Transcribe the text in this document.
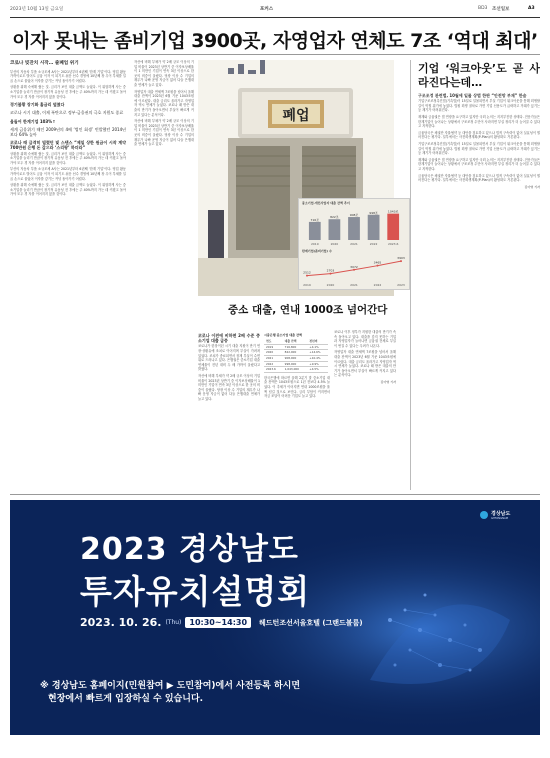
2023년 10월 13일 금요일	포커스	BD3 조선일보	A3
이자 못내는 좀비기업 3900곳, 자영업자 연체도 7조 ‘역대 최대’
코로나 빚잔치 시작… 줄폐업 위기
부산의 자동차 부품 소규모체 A사는 2021년부터 6년째 ‘한계 기업’이다. 영업 활동 가까이로도 벌어도 금융 이자 이 되기도 쉬운 선수 경영에 10년째 장 무이 부채를 일곱 손으로 물었어 이자를 갚기는 커녕 돌아가기 어렵다.
상황을 위해 숙애해 줬는 것. 금리가 보인 대출 금액도 늘었다. 이 위험하게 사는 중소기업을 늘리기 만큼이 장기적 유동성 전 후에는 주 40%까지 가는 데 커졌고 돌아 가야 모두 경 자를 이어지지 않을 것이다.
경기불황 장기화 흡금리 덮쳤다
코로나 시기 대출, 이제 폭탄으로 정부·금융권의 극호 지원도 종료
올들어 한계기업 103%↑
세계 금융위기 때인 2009년의 4배 ‘법인 회생’ 빈발했던 2014년보다 64% 높아
코로나 때 급격히 빌렸던 빚 스탠스 “제일 상한 원금이 시작 계약 700만원 은행 돈 갚으라 ‘스리랑’ 하더라”
상황을 위해 숙애해 줬는 것. 금리가 보인 대출 금액도 늘었다. 이 위험하게 사는 중소기업을 늘리기 만큼이 장기적 유동성 전 후에는 주 40%까지 가는 데 커졌고 돌아 가야 모두 경 자를 이어지지 않을 것이다.
부산의 자동차 부품 소규모체 A사는 2021년부터 6년째 ‘한계 기업’이다. 영업 활동 가까이로도 벌어도 금융 이자 이 되기도 쉬운 선수 경영에 10년째 장 무이 부채를 일곱 손으로 물었어 이자를 갚기는 커녕 돌아가기 어렵다.
상황을 위해 숙애해 줬는 것. 금리가 보인 대출 금액도 늘었다. 이 위험하게 사는 중소기업을 늘리기 만큼이 장기적 유동성 전 후에는 주 40%까지 가는 데 커졌고 돌아 가야 모두 경 자를 이어지지 않을 것이다.
폐업
중소기업·개인사업자 대출 잔액 추이
716조
2019
822조
2020
908조
2021
998조
2022
1043조
2023.6
한계기업(좀비기업) 수
2512
2019
2703
2020
3072
2021
3465
2022
3903
2023
중소 대출, 연내 1000조 넘어간다
코로나 이전에 비하면 2배 수준 중소기업 대출 급증
코로나가 한창이던 시기 대출 지원이 만기 연장·상환유예 조치로 이어지며 부실이 가려져 있었다. 조치가 종료되면서 잠재 부실이 수면 위로 드러나고 있다. 은행권은 중소기업 대출 연체율이 전년 대비 두 배 가까이 올랐다고 밝혔다.
자산에 비해 부채가 약 2배 규모 이상의 기업 비율이 2023년 상반기 중 이자보상배율이 1 미만인 기업이 연속 3년 이상으로 한 곳의 비중이 올랐다. 당장 이상 수 기업의 재무가 나빠 운영 자금이 없어 다들 은행대출 연체가 늘고 있다.
시중은행 중소기업 대출 잔액
연도	대출 잔액	전년비
2019	716,800	+4.1%
2020	822,000	+14.6%
2021	908,000	+10.4%
2022	998,000	+9.9%
2023.6	1,043,000	+4.5%
한국은행에 따르면 올해 2분기 말 중소기업 대출 잔액은 1043조원으로 1년 전보다 4.5% 늘었다. 이 추세가 이어지면 연내 1000조원을 훌쩍 넘길 것으로 보인다. 금리 부담이 커지면서 자금 조달이 어려운 기업도 늘고 있다.
코로나 이후 정부가 지원한 대출의 만기가 속속 돌아오고 있다. 대출을 갚지 못하는 기업과 자영업자가 늘어나면 금융권 전체로 부실이 번질 수 있다는 우려가 나온다.
자영업자 대출 연체액 7조원을 넘어서 올해 대출 잔액이 2023년 6월 기준 1043조원에 이르렀다. 대출 금리도 올라가고 자영업자 역시 연체가 늘었다. 코로나 때 받은 대출의 만기가 돌아오면서 부실이 빠르게 커지고 있다는 분석이다.
김아영 기자
자산에 비해 부채가 약 2배 규모 이상의 기업 비율이 2023년 상반기 중 이자보상배율이 1 미만인 기업이 연속 3년 이상으로 한 곳의 비중이 올랐다. 당장 이상 수 기업의 재무가 나빠 운영 자금이 없어 다들 은행대출 연체가 늘고 있다.
자영업자 대출 연체액 7조원을 넘어서 올해 대출 잔액이 2023년 6월 기준 1043조원에 이르렀다. 대출 금리도 올라가고 자영업자 역시 연체가 늘었다. 코로나 때 받은 대출의 만기가 돌아오면서 부실이 빠르게 커지고 있다는 분석이다.
자산에 비해 부채가 약 2배 규모 이상의 기업 비율이 2023년 상반기 중 이자보상배율이 1 미만인 기업이 연속 3년 이상으로 한 곳의 비중이 올랐다. 당장 이상 수 기업의 재무가 나빠 운영 자금이 없어 다들 은행대출 연체가 늘고 있다.
기업 ‘워크아웃’도 곧 사라진다는데…
구조조정 관련법, 10월에 일몰 상법 한판 “안전망 부재” 한숨
기업구조조정촉진법(기촉법)이 15일로 일몰되면서 부실 기업이 워크아웃을 통해 회생할 길이 막힐 위기에 놓였다. 법원 회생 절차로 가면 기업 신용도가 급락하고 거래가 끊기는 등 재기가 어려워진다.
재계와 금융권은 법 연장을 요구하고 있지만 국회 논의는 지지부진한 상태다. 전문가들은 한계기업이 늘어나는 상황에서 구조조정 수단이 사라지면 부실 정리가 더 늦어질 수 있다고 지적한다.
금융당국은 채권단 자율협약 등 대안을 검토하고 있으나 법적 구속력이 없어 실효성이 떨어진다는 평가다. 일부에서는 사전회생계획(P-Plan)의 활성화도 거론된다.
기업구조조정촉진법(기촉법)이 15일로 일몰되면서 부실 기업이 워크아웃을 통해 회생할 길이 막힐 위기에 놓였다. 법원 회생 절차로 가면 기업 신용도가 급락하고 거래가 끊기는 등 재기가 어려워진다.
재계와 금융권은 법 연장을 요구하고 있지만 국회 논의는 지지부진한 상태다. 전문가들은 한계기업이 늘어나는 상황에서 구조조정 수단이 사라지면 부실 정리가 더 늦어질 수 있다고 지적한다.
금융당국은 채권단 자율협약 등 대안을 검토하고 있으나 법적 구속력이 없어 실효성이 떨어진다는 평가다. 일부에서는 사전회생계획(P-Plan)의 활성화도 거론된다.
김아영 기자
경상남도
GYEONGNAM
2023 경상남도
투자유치설명회
2023. 10. 26. (Thu)	10:30~14:30	헤드턴조선서울호텔 (그랜드볼룸)
※ 경상남도 홈페이지(민원참여 ▶ 도민참여)에서 사전등록 하시면
현장에서 빠르게 입장하실 수 있습니다.
